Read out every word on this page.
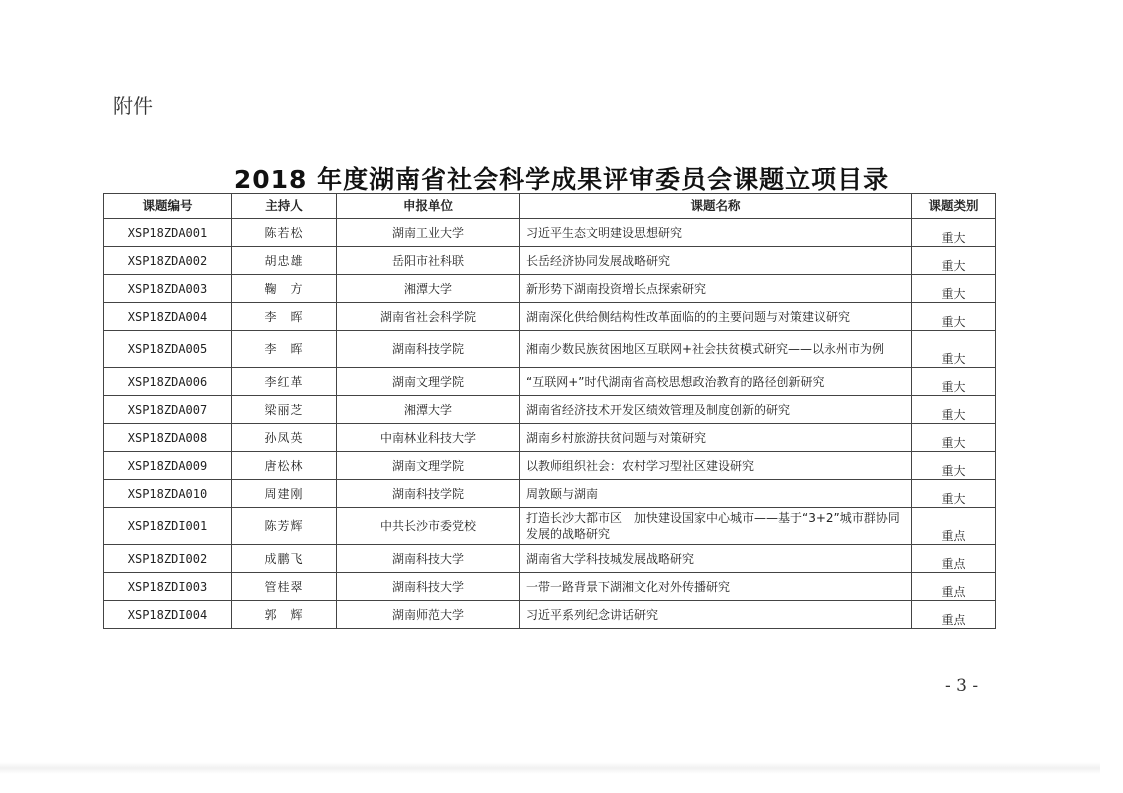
附件
2018 年度湖南省社会科学成果评审委员会课题立项目录
课题编号	主持人	申报单位	课题名称	课题类别
XSP18ZDA001	陈若松	湖南工业大学	习近平生态文明建设思想研究	重大
XSP18ZDA002	胡忠雄	岳阳市社科联	长岳经济协同发展战略研究	重大
XSP18ZDA003	鞠　方	湘潭大学	新形势下湖南投资增长点探索研究	重大
XSP18ZDA004	李　晖	湖南省社会科学院	湖南深化供给侧结构性改革面临的的主要问题与对策建议研究	重大
XSP18ZDA005	李　晖	湖南科技学院	湘南少数民族贫困地区互联网+社会扶贫模式研究——以永州市为例	重大
XSP18ZDA006	李红革	湖南文理学院	“互联网+”时代湖南省高校思想政治教育的路径创新研究	重大
XSP18ZDA007	梁丽芝	湘潭大学	湖南省经济技术开发区绩效管理及制度创新的研究	重大
XSP18ZDA008	孙凤英	中南林业科技大学	湖南乡村旅游扶贫问题与对策研究	重大
XSP18ZDA009	唐松林	湖南文理学院	以教师组织社会：农村学习型社区建设研究	重大
XSP18ZDA010	周建刚	湖南科技学院	周敦颐与湖南	重大
XSP18ZDI001	陈芳辉	中共长沙市委党校	打造长沙大都市区　加快建设国家中心城市——基于“3+2”城市群协同发展的战略研究	重点
XSP18ZDI002	成鹏飞	湖南科技大学	湖南省大学科技城发展战略研究	重点
XSP18ZDI003	管桂翠	湖南科技大学	一带一路背景下湖湘文化对外传播研究	重点
XSP18ZDI004	郭　辉	湖南师范大学	习近平系列纪念讲话研究	重点
- 3 -
